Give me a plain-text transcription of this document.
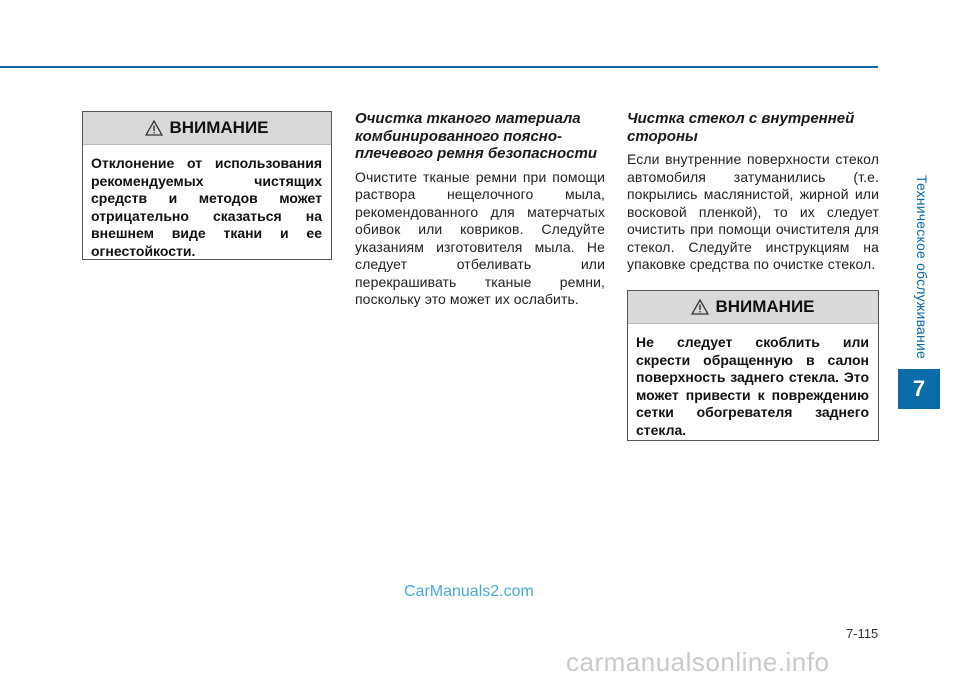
Техническое обслуживание
7
ВНИМАНИЕ
Отклонение от использования рекомендуемых чистящих средств и методов может отрицательно сказаться на внешнем виде ткани и ее огнестойкости.

Очистка тканого материала комбинированного поясно-плечевого ремня безопасности

Очистите тканые ремни при помощи раствора нещелочного мыла, рекомендованного для матерчатых обивок или ковриков. Следуйте указаниям изготовителя мыла. Не следует отбеливать или перекрашивать тканые ремни, поскольку это может их ослабить.

Чистка стекол с внутренней стороны

Если внутренние поверхности стекол автомобиля затуманились (т.е. покрылись маслянистой, жирной или восковой пленкой), то их следует очистить при помощи очистителя для стекол. Следуйте инструкциям на упаковке средства по очистке стекол.

ВНИМАНИЕ
Не следует скоблить или скрести обращенную в салон поверхность заднего стекла. Это может привести к повреждению сетки обогревателя заднего стекла.
CarManuals2.com
7-115
carmanualsonline.info
